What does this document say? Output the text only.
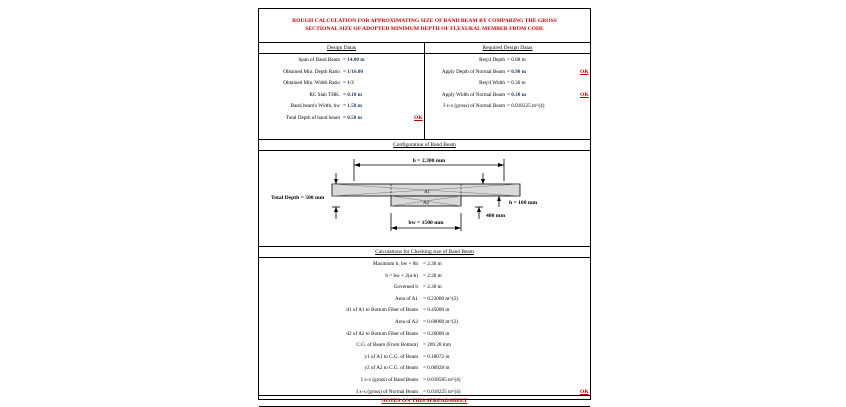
ROUGH CALCULATION FOR APPROXIMATING SIZE OF BAND BEAM BY COMPARING THE GROSS
SECTIONAL SIZE OF ADOPTED MINIMUM DEPTH OF FLEXURAL MEMBER FROM CODE
Design Datas
Span of Band Beam = 14.00 m
Obtained Min. Depth Ratio = 1/16.00
Obtained Min. Width Ratio = 1/3
RC Slab THK. = 0.10 m
Band beam's Width, bw = 1.50 m
Total Depth of band beam = 0.50 m	OK
Required Design Datas
Req'd Depth = 0.88 m
Apply Depth of Normal Beam = 0.90 m	OK
Req'd Width = 0.30 m
Apply Width of Normal Beam = 0.30 m	OK
I x-x (gross) of Normal Beam = 0.018225 m^(4)
Configuration of Band Beam
b = 2,300 mm
A1
A2
Total Depth = 500 mm
h = 100 mm
400 mm
bw = 1500 mm
Calculations for Checking size of Band Beam
Maximum b, bw + 8h = 2.30 m
b = bw + 2(a-h) = 2.30 m
Governed b = 2.30 m
Area of A1 = 0.23000 m^(2)
d1 of A1 to Bottom Fiber of Beam = 0.45000 m
Area of A2 = 0.60000 m^(2)
d2 of A2 to Bottom Fiber of Beam = 0.20000 m
C.G. of Beam (From Bottom) = 269.28 mm
y1 of A1 to C.G. of Beam = 0.18072 m
y2 of A2 to C.G. of Beam = 0.06928 m
I x-x (gross) of Band Beam = 0.018585 m^(4)
I x-x (gross) of Normal Beam = 0.018225 m^(4)	OK
NOTES ON THIS SPREADSHEET
